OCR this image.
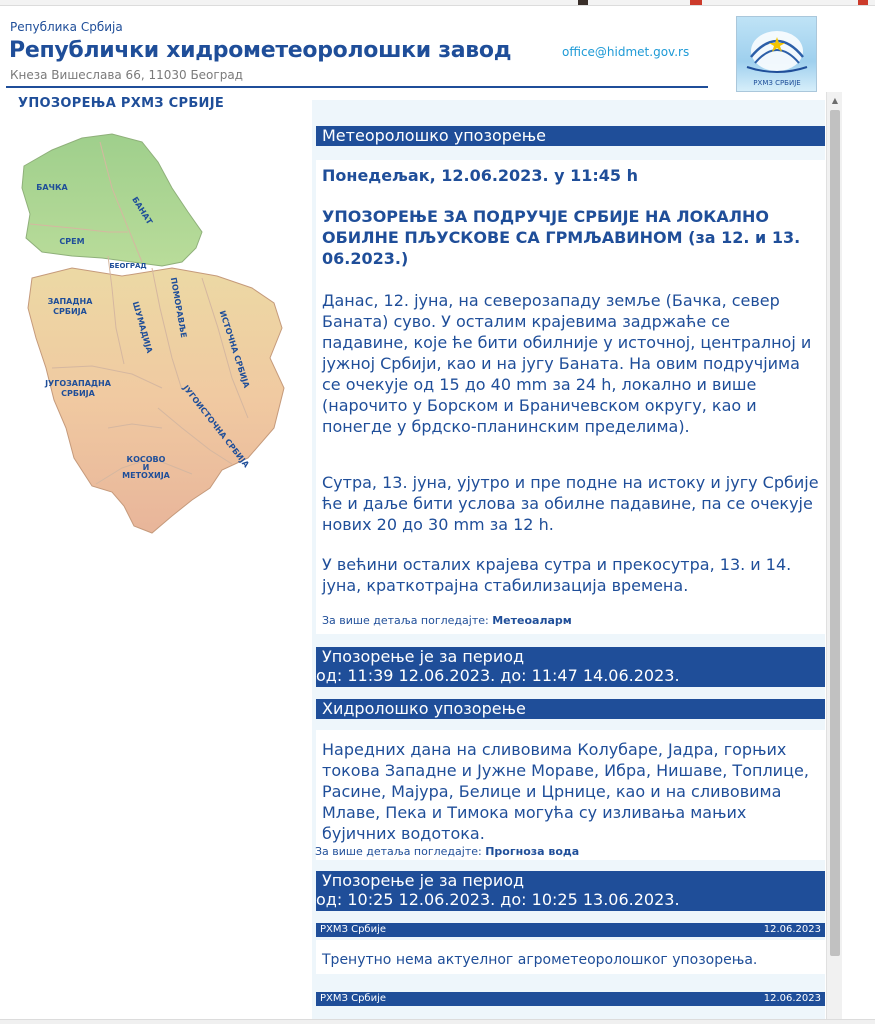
Република Србија
Републички хидрометеоролошки завод
Кнеза Вишеслава 66, 11030 Београд
office@hidmet.gov.rs
РХМЗ СРБИЈЕ
УПОЗОРЕЊА РХМЗ СРБИЈЕ
БАЧКА
БАНАТ
СРЕМ
БЕОГРАД
ЗАПАДНА
СРБИЈА	ШУМАДИЈА ПОМОРАВЉЕ
ИСТОЧНА СРБИЈА
ЈУГОЗАПАДНА
СРБИЈА	ЈУГОИСТОЧНА СРБИЈА
КОСОВО
И
МЕТОХИЈА
Метеоролошко упозорење
Понедељак, 12.06.2023. у 11:45 h
УПОЗОРЕЊЕ ЗА ПОДРУЧЈЕ СРБИЈЕ НА ЛОКАЛНО ОБИЛНЕ ПЉУСКОВЕ СА ГРМЉАВИНОМ (за 12. и 13. 06.2023.)
Данас, 12. јуна, на северозападу земље (Бачка, север Баната) суво. У осталим крајевима задржаће се падавине, које ће бити обилније у источној, централној и јужној Србији, као и на југу Баната. На овим подручјима се очекује од 15 до 40 mm за 24 h, локално и више (нарочито у Борском и Браничевском округу, као и понегде у брдско-планинским пределима).
Сутра, 13. јуна, ујутро и пре подне на истоку и југу Србије ће и даље бити услова за обилне падавине, па се очекује нових 20 до 30 mm за 12 h.
У већини осталих крајева сутра и прекосутра, 13. и 14. јуна, краткотрајна стабилизација времена.
За више детаља погледајте: Метеоаларм
Упозорење је за период
од: 11:39 12.06.2023. до: 11:47 14.06.2023.
Хидролошко упозорење
Наредних дана на сливовима Колубаре, Јадра, горњих токова Западне и Јужне Мораве, Ибра, Нишаве, Топлице, Расине, Мајура, Белице и Црнице, као и на сливовима Млаве, Пека и Тимока могућа су изливања мањих бујичних водотока.
За више детаља погледајте: Прогноза вода
Упозорење је за период
од: 10:25 12.06.2023. до: 10:25 13.06.2023.
РХМЗ Србије	12.06.2023
Тренутно нема актуелног агрометеоролошког упозорења.
РХМЗ Србије	12.06.2023
▲
